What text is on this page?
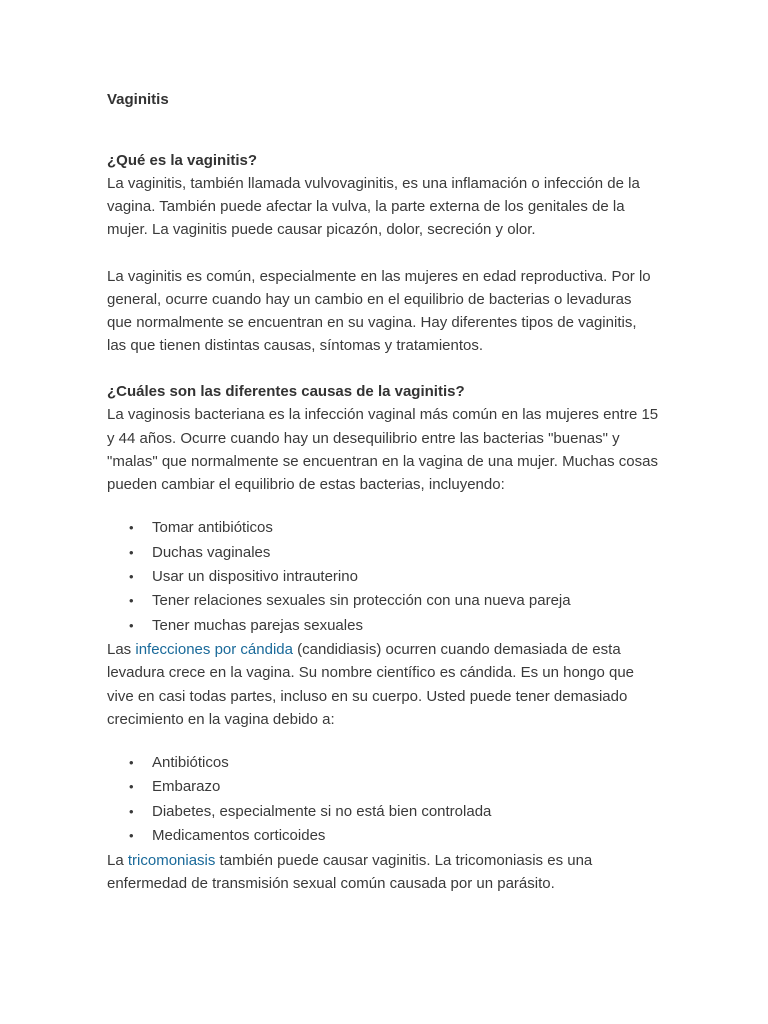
Vaginitis
¿Qué es la vaginitis?
La vaginitis, también llamada vulvovaginitis, es una inflamación o infección de la
vagina. También puede afectar la vulva, la parte externa de los genitales de la
mujer. La vaginitis puede causar picazón, dolor, secreción y olor.
La vaginitis es común, especialmente en las mujeres en edad reproductiva. Por lo
general, ocurre cuando hay un cambio en el equilibrio de bacterias o levaduras
que normalmente se encuentran en su vagina. Hay diferentes tipos de vaginitis,
las que tienen distintas causas, síntomas y tratamientos.
¿Cuáles son las diferentes causas de la vaginitis?
La vaginosis bacteriana es la infección vaginal más común en las mujeres entre 15
y 44 años. Ocurre cuando hay un desequilibrio entre las bacterias "buenas" y
"malas" que normalmente se encuentran en la vagina de una mujer. Muchas cosas
pueden cambiar el equilibrio de estas bacterias, incluyendo:
• Tomar antibióticos
• Duchas vaginales
• Usar un dispositivo intrauterino
• Tener relaciones sexuales sin protección con una nueva pareja
• Tener muchas parejas sexuales
Las infecciones por cándida (candidiasis) ocurren cuando demasiada de esta
levadura crece en la vagina. Su nombre científico es cándida. Es un hongo que
vive en casi todas partes, incluso en su cuerpo. Usted puede tener demasiado
crecimiento en la vagina debido a:
• Antibióticos
• Embarazo
• Diabetes, especialmente si no está bien controlada
• Medicamentos corticoides
La tricomoniasis también puede causar vaginitis. La tricomoniasis es una
enfermedad de transmisión sexual común causada por un parásito.
